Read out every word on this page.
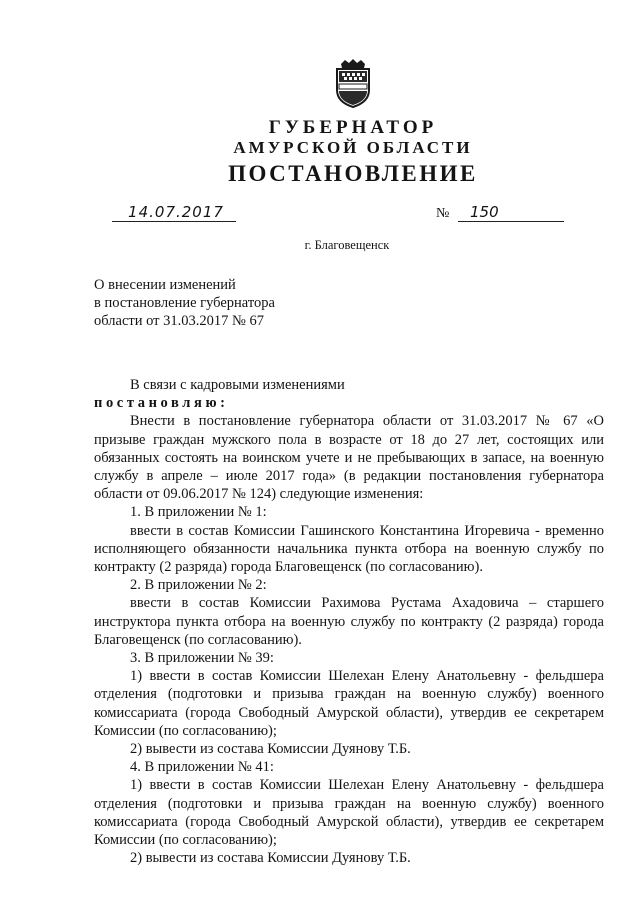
ГУБЕРНАТОР
АМУРСКОЙ ОБЛАСТИ
ПОСТАНОВЛЕНИЕ
14.07.2017	№ 150
г. Благовещенск
О внесении изменений
в постановление губернатора
области от 31.03.2017 № 67

В связи с кадровыми изменениями

постановляю:

Внести в постановление губернатора области от 31.03.2017 № 67 «О призыве граждан мужского пола в возрасте от 18 до 27 лет, состоящих или обязанных состоять на воинском учете и не пребывающих в запасе, на военную службу в апреле – июле 2017 года» (в редакции постановления губернатора области от 09.06.2017 № 124) следующие изменения:

1. В приложении № 1:

ввести в состав Комиссии Гашинского Константина Игоревича - временно исполняющего обязанности начальника пункта отбора на военную службу по контракту (2 разряда) города Благовещенск (по согласованию).

2. В приложении № 2:

ввести в состав Комиссии Рахимова Рустама Ахадовича – старшего инструктора пункта отбора на военную службу по контракту (2 разряда) города Благовещенск (по согласованию).

3. В приложении № 39:

1) ввести в состав Комиссии Шелехан Елену Анатольевну - фельдшера отделения (подготовки и призыва граждан на военную службу) военного комиссариата (города Свободный Амурской области), утвердив ее секретарем Комиссии (по согласованию);

2) вывести из состава Комиссии Дуянову Т.Б.

4. В приложении № 41:

1) ввести в состав Комиссии Шелехан Елену Анатольевну - фельдшера отделения (подготовки и призыва граждан на военную службу) военного комиссариата (города Свободный Амурской области), утвердив ее секретарем Комиссии (по согласованию);

2) вывести из состава Комиссии Дуянову Т.Б.
